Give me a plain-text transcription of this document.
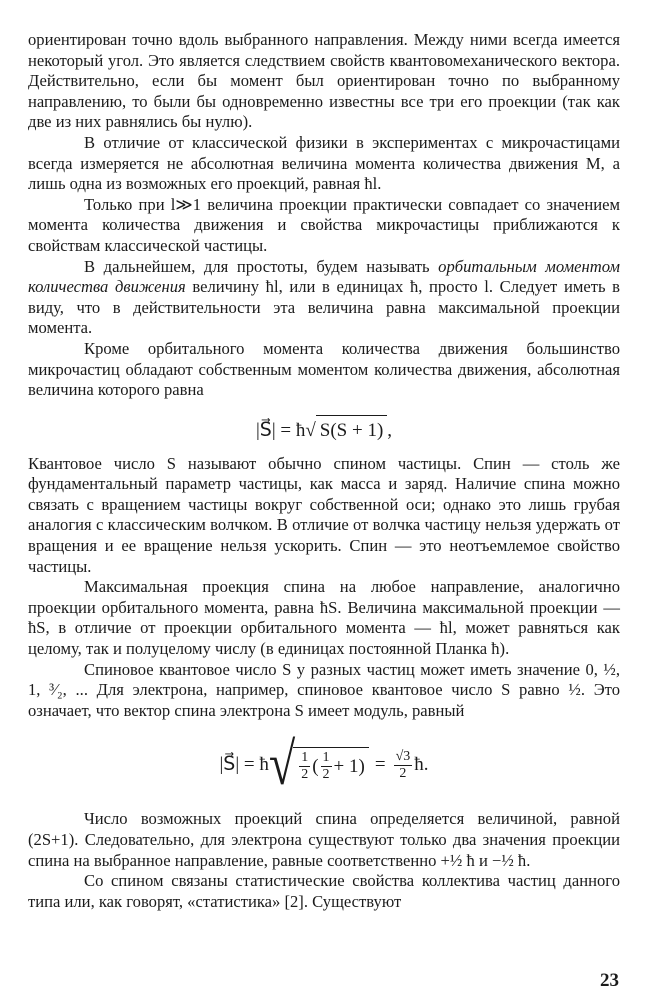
ориентирован точно вдоль выбранного направления. Между ними всегда имеется некоторый угол. Это является следствием свойств квантовомеханического вектора. Действительно, если бы момент был ориентирован точно по выбранному направлению, то были бы одновременно известны все три его проекции (так как две из них равнялись бы нулю).

В отличие от классической физики в экспериментах с микрочастицами всегда измеряется не абсолютная величина момента количества движения M, а лишь одна из возможных его проекций, равная ħl.

Только при l≫1 величина проекции практически совпадает со значением момента количества движения и свойства микрочастицы приближаются к свойствам классической частицы.

В дальнейшем, для простоты, будем называть орбитальным моментом количества движения величину ħl, или в единицах ħ, просто l. Следует иметь в виду, что в действительности эта величина равна максимальной проекции момента.

Кроме орбитального момента количества движения большинство микрочастиц обладают собственным моментом количества движения, абсолютная величина которого равна

|S⃗| = ħ√ S(S + 1) ,

Квантовое число S называют обычно спином частицы. Спин — столь же фундаментальный параметр частицы, как масса и заряд. Наличие спина можно связать с вращением частицы вокруг собственной оси; однако это лишь грубая аналогия с классическим волчком. В отличие от волчка частицу нельзя удержать от вращения и ее вращение нельзя ускорить. Спин — это неотъемлемое свойство частицы.

Максимальная проекция спина на любое направление, аналогично проекции орбитального момента, равна ħS. Величина максимальной проекции — ħS, в отличие от проекции орбитального момента — ħl, может равняться как целому, так и полуцелому числу (в единицах постоянной Планка ħ).

Спиновое квантовое число S у разных частиц может иметь значение 0, ½, 1, ³⁄₂, ... Для электрона, например, спиновое квантовое число S равно ½. Это означает, что вектор спина электрона S имеет модуль, равный

|S⃗| = ħ √ $\frac{1}{2}$ ( $\frac{1}{2} + 1$ ) = $\frac{√3}{2}$ ħ.

Число возможных проекций спина определяется величиной, равной (2S+1). Следовательно, для электрона существуют только два значения проекции спина на выбранное направление, равные соответственно +½ ħ и −½ ħ.

Со спином связаны статистические свойства коллектива частиц данного типа или, как говорят, «статистика» [2]. Существуют

23
